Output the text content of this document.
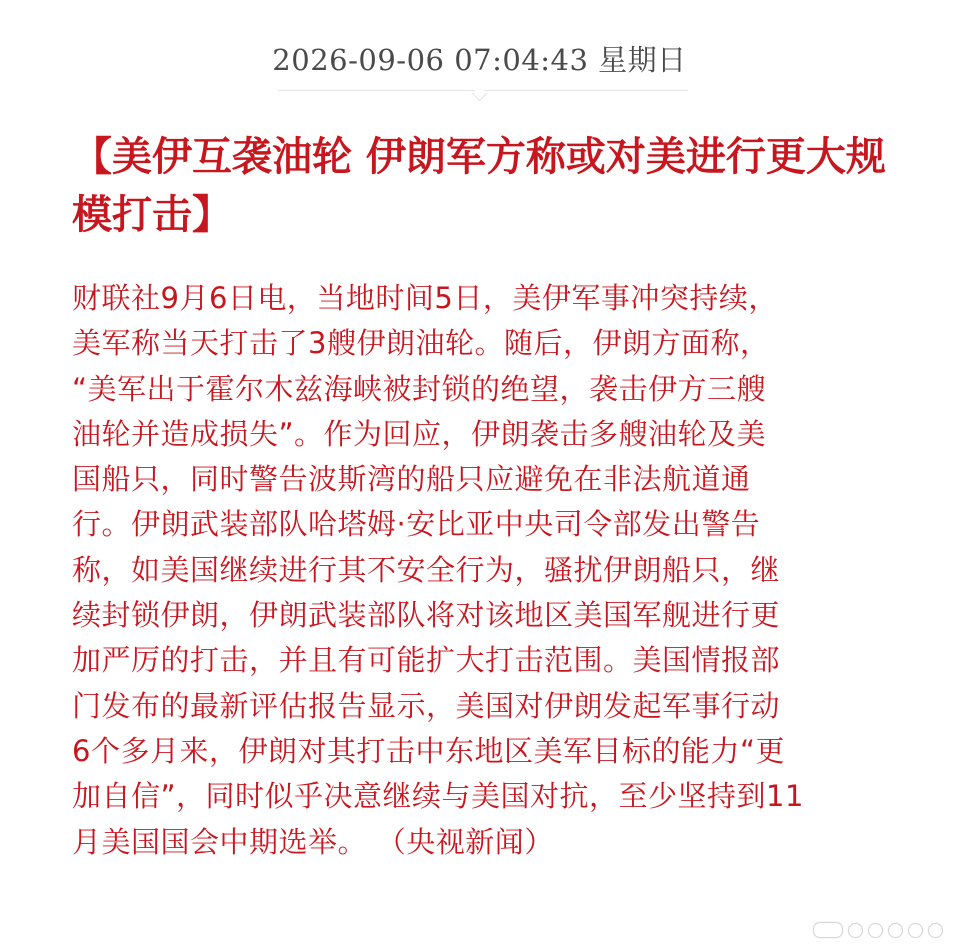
2026-09-06 07:04:43 星期日
【美伊互袭油轮 伊朗军方称或对美进行更大规模打击】
财联社9月6日电，当地时间5日，美伊军事冲突持续，
美军称当天打击了3艘伊朗油轮。随后，伊朗方面称，
“美军出于霍尔木兹海峡被封锁的绝望，袭击伊方三艘
油轮并造成损失”。作为回应，伊朗袭击多艘油轮及美
国船只，同时警告波斯湾的船只应避免在非法航道通
行。伊朗武装部队哈塔姆·安比亚中央司令部发出警告
称，如美国继续进行其不安全行为，骚扰伊朗船只，继
续封锁伊朗，伊朗武装部队将对该地区美国军舰进行更
加严厉的打击，并且有可能扩大打击范围。美国情报部
门发布的最新评估报告显示，美国对伊朗发起军事行动
6个多月来，伊朗对其打击中东地区美军目标的能力“更
加自信”，同时似乎决意继续与美国对抗，至少坚持到11
月美国国会中期选举。 （央视新闻）
